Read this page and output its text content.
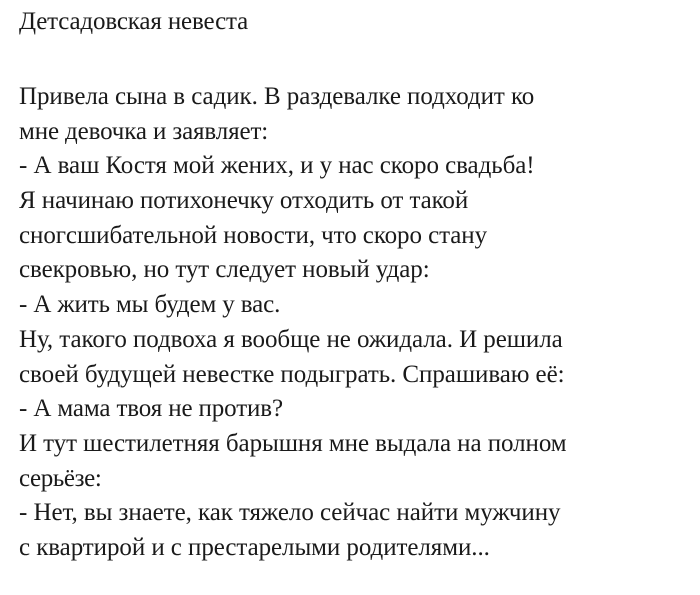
Детсадовская невеста
Привела сына в садик. В раздевалке подходит ко
мне девочка и заявляет:
- А ваш Костя мой жених, и у нас скоро свадьба!
Я начинаю потихонечку отходить от такой
сногсшибательной новости, что скоро стану
свекровью, но тут следует новый удар:
- А жить мы будем у вас.
Ну, такого подвоха я вообще не ожидала. И решила
своей будущей невестке подыграть. Спрашиваю её:
- А мама твоя не против?
И тут шестилетняя барышня мне выдала на полном
серьёзе:
- Нет, вы знаете, как тяжело сейчас найти мужчину
с квартирой и с престарелыми родителями...
